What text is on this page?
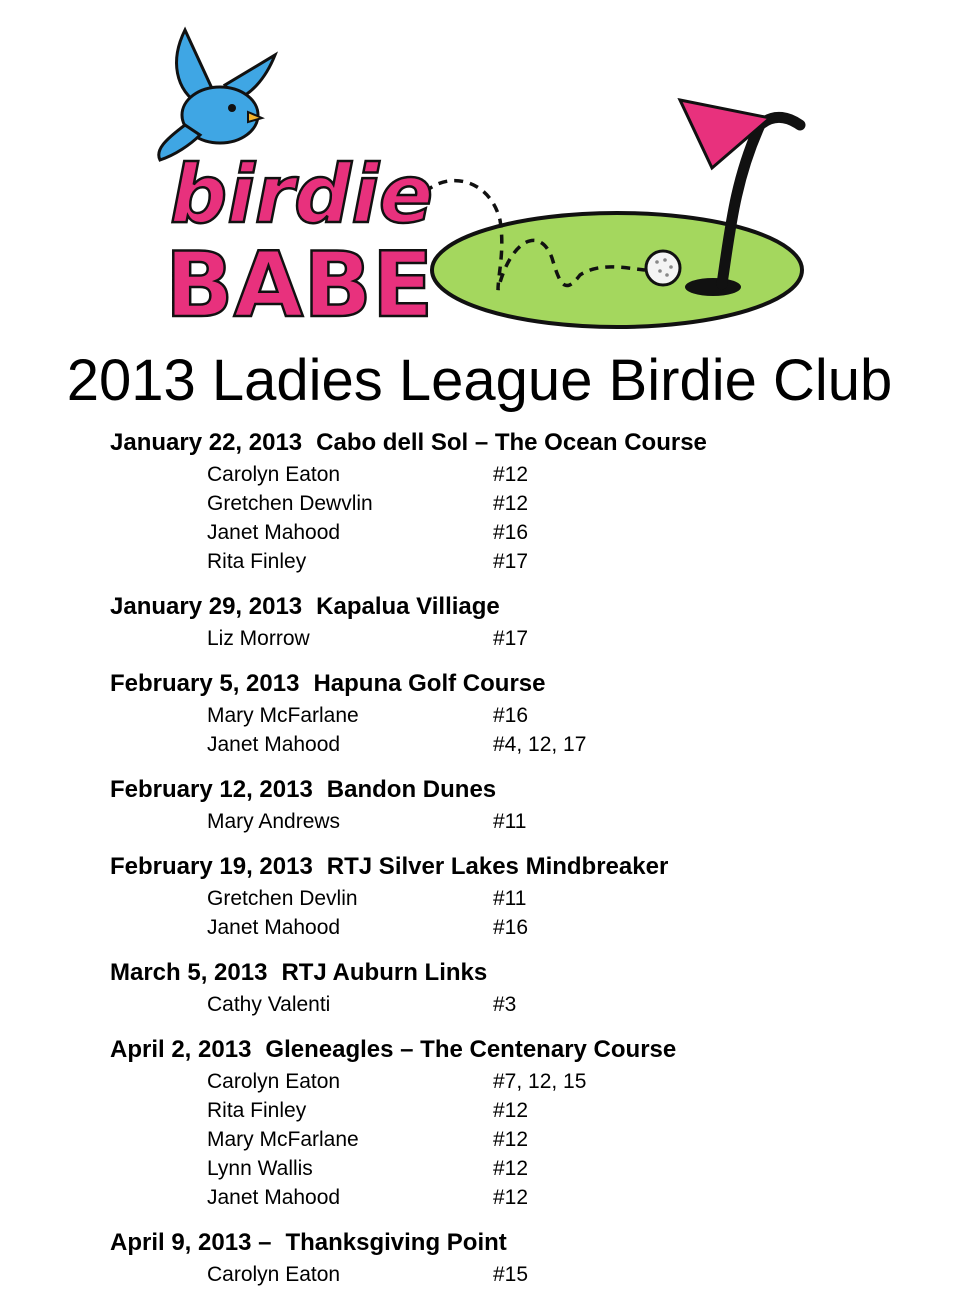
birdie
BABE
2013 Ladies League Birdie Club
January 22, 2013 Cabo dell Sol – The Ocean Course
Carolyn Eaton	#12
Gretchen Dewvlin	#12
Janet Mahood	#16
Rita Finley	#17
January 29, 2013 Kapalua Villiage
Liz Morrow	#17
February 5, 2013 Hapuna Golf Course
Mary McFarlane	#16
Janet Mahood	#4, 12, 17
February 12, 2013 Bandon Dunes
Mary Andrews	#11
February 19, 2013 RTJ Silver Lakes Mindbreaker
Gretchen Devlin	#11
Janet Mahood	#16
March 5, 2013 RTJ Auburn Links
Cathy Valenti	#3
April 2, 2013 Gleneagles – The Centenary Course
Carolyn Eaton	#7, 12, 15
Rita Finley	#12
Mary McFarlane	#12
Lynn Wallis	#12
Janet Mahood	#12
April 9, 2013 – Thanksgiving Point
Carolyn Eaton	#15
